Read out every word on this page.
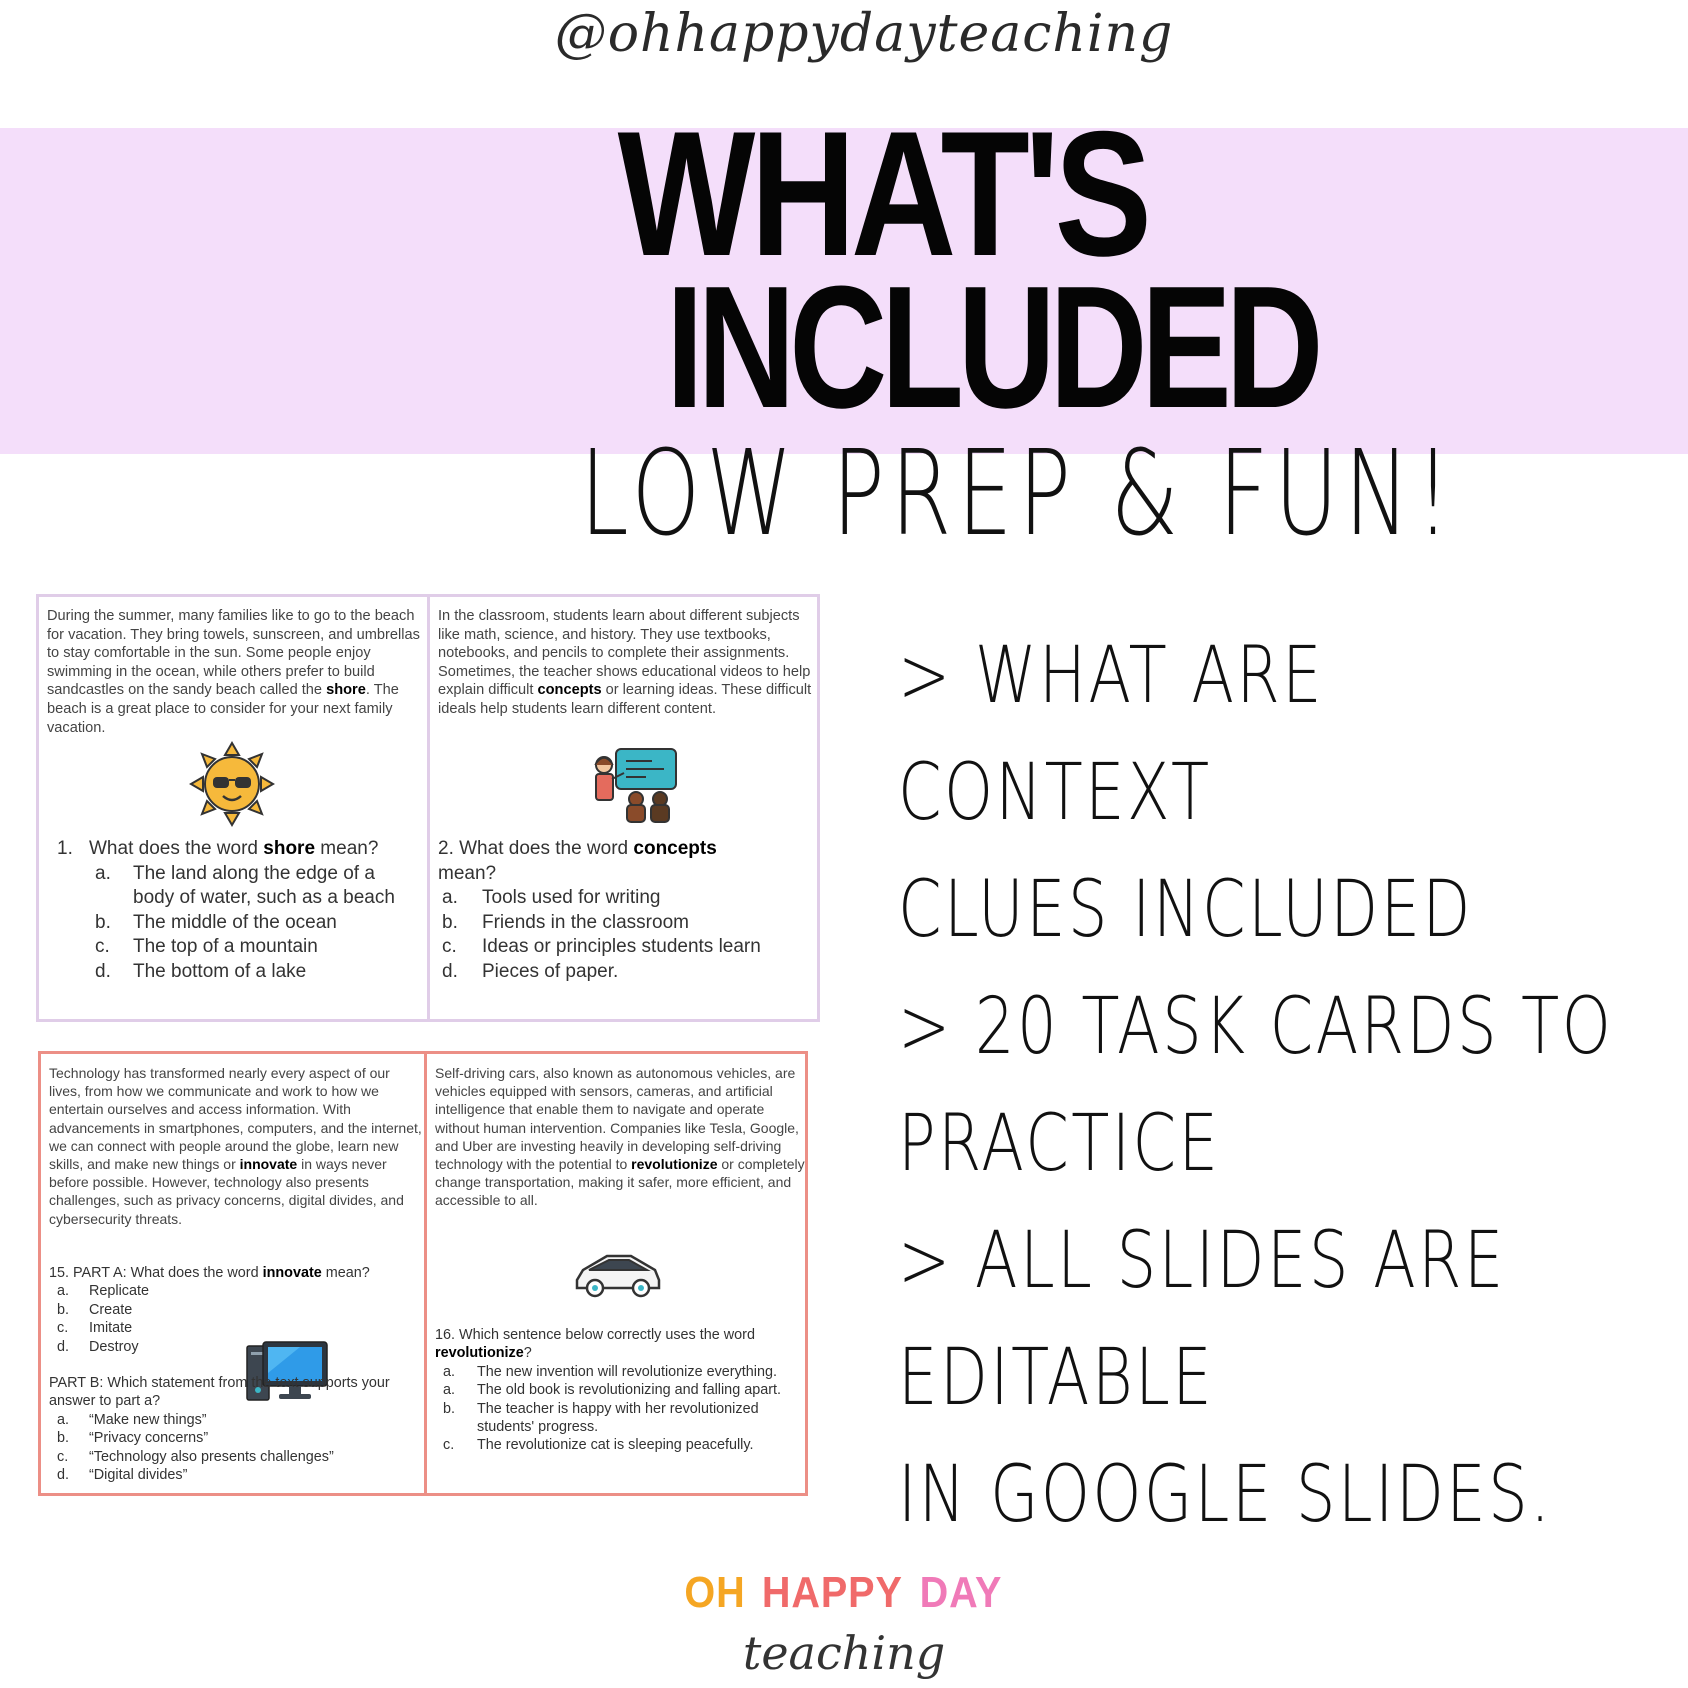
@ohhappydayteaching
WHAT'S
INCLUDED
LOW PREP & FUN!
> WHAT ARE CONTEXT
CLUES INCLUDED
> 20 TASK CARDS TO
PRACTICE
> ALL SLIDES ARE EDITABLE
IN GOOGLE SLIDES.
During the summer, many families like to go to the beach for vacation. They bring towels, sunscreen, and umbrellas to stay comfortable in the sun. Some people enjoy swimming in the ocean, while others prefer to build sandcastles on the sandy beach called the shore. The beach is a great place to consider for your next family vacation.
1. What does the word shore mean?
a.	The land along the edge of a body of water, such as a beach
b.	The middle of the ocean
c.	The top of a mountain
d.	The bottom of a lake
In the classroom, students learn about different subjects like math, science, and history. They use textbooks, notebooks, and pencils to complete their assignments. Sometimes, the teacher shows educational videos to help explain difficult concepts or learning ideas. These difficult ideals help students learn different content.
2. What does the word concepts
mean?
a.	Tools used for writing
b.	Friends in the classroom
c.	Ideas or principles students learn
d.	Pieces of paper.
Technology has transformed nearly every aspect of our lives, from how we communicate and work to how we entertain ourselves and access information. With advancements in smartphones, computers, and the internet, we can connect with people around the globe, learn new skills, and make new things or innovate in ways never before possible. However, technology also presents challenges, such as privacy concerns, digital divides, and cybersecurity threats.
15. PART A: What does the word innovate mean?
a.	Replicate
b.	Create
c.	Imitate
d.	Destroy
PART B: Which statement from the text supports your answer to part a?
a.	“Make new things”
b.	“Privacy concerns”
c.	“Technology also presents challenges”
d.	“Digital divides”
Self-driving cars, also known as autonomous vehicles, are vehicles equipped with sensors, cameras, and artificial intelligence that enable them to navigate and operate without human intervention. Companies like Tesla, Google, and Uber are investing heavily in developing self-driving technology with the potential to revolutionize or completely change transportation, making it safer, more efficient, and accessible to all.
16. Which sentence below correctly uses the word revolutionize?
a.	The new invention will revolutionize everything.
a.	The old book is revolutionizing and falling apart.
b.	The teacher is happy with her revolutionized students' progress.
c.	The revolutionize cat is sleeping peacefully.
OH HAPPY DAY
teaching
